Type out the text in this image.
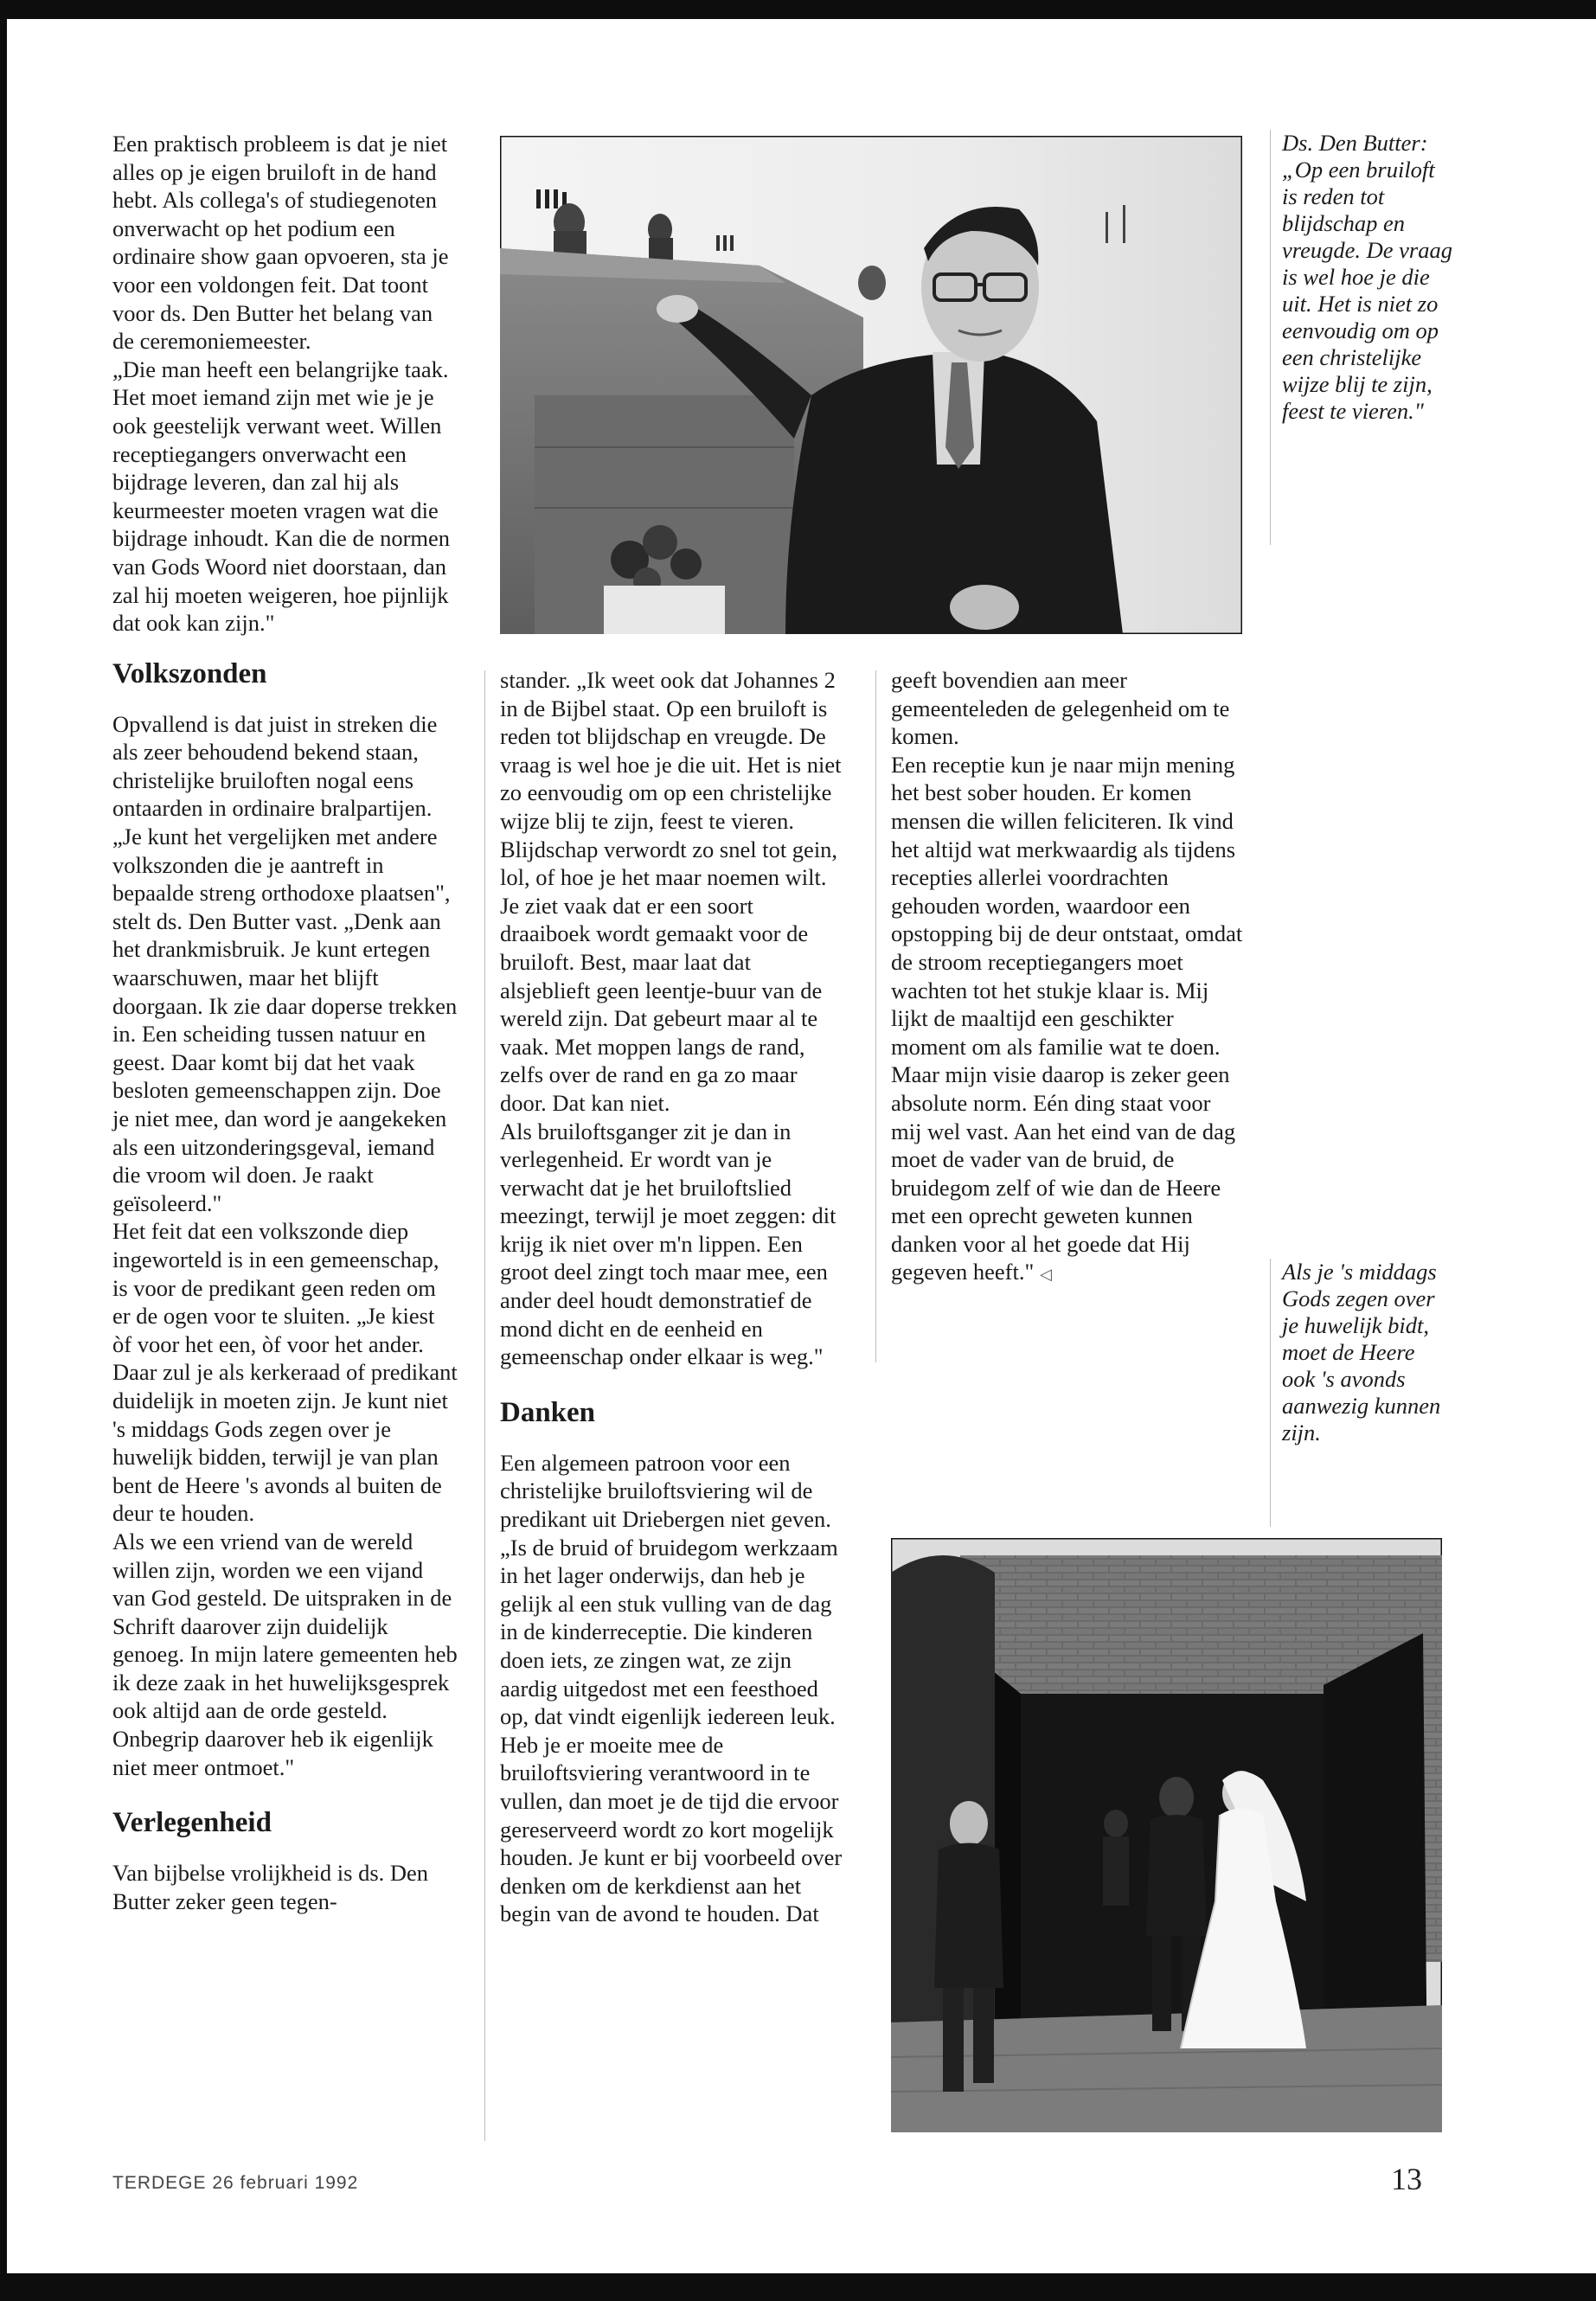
Een praktisch probleem is dat je niet alles op je eigen bruiloft in de hand hebt. Als collega's of studiegenoten onverwacht op het podium een ordinaire show gaan opvoeren, sta je voor een voldongen feit. Dat toont voor ds. Den Butter het belang van de ceremoniemeester.

„Die man heeft een belangrijke taak. Het moet iemand zijn met wie je je ook geestelijk verwant weet. Willen receptiegangers onverwacht een bijdrage leveren, dan zal hij als keurmeester moeten vragen wat die bijdrage inhoudt. Kan die de normen van Gods Woord niet doorstaan, dan zal hij moeten weigeren, hoe pijnlijk dat ook kan zijn."

Volkszonden

Opvallend is dat juist in streken die als zeer behoudend bekend staan, christelijke bruiloften nogal eens ontaarden in ordinaire bralpartijen. „Je kunt het vergelijken met andere volkszonden die je aantreft in bepaalde streng orthodoxe plaatsen", stelt ds. Den Butter vast. „Denk aan het drankmisbruik. Je kunt ertegen waarschuwen, maar het blijft doorgaan. Ik zie daar doperse trekken in. Een scheiding tussen natuur en geest. Daar komt bij dat het vaak besloten gemeenschappen zijn. Doe je niet mee, dan word je aangekeken als een uitzonderingsgeval, iemand die vroom wil doen. Je raakt geïsoleerd."

Het feit dat een volkszonde diep ingeworteld is in een gemeenschap, is voor de predikant geen reden om er de ogen voor te sluiten. „Je kiest òf voor het een, òf voor het ander. Daar zul je als kerkeraad of predikant duidelijk in moeten zijn. Je kunt niet 's middags Gods zegen over je huwelijk bidden, terwijl je van plan bent de Heere 's avonds al buiten de deur te houden.

Als we een vriend van de wereld willen zijn, worden we een vijand van God gesteld. De uitspraken in de Schrift daarover zijn duidelijk genoeg. In mijn latere gemeenten heb ik deze zaak in het huwelijksgesprek ook altijd aan de orde gesteld. Onbegrip daarover heb ik eigenlijk niet meer ontmoet."

Verlegenheid

Van bijbelse vrolijkheid is ds. Den Butter zeker geen tegen-

stander. „Ik weet ook dat Johannes 2 in de Bijbel staat. Op een bruiloft is reden tot blijdschap en vreugde. De vraag is wel hoe je die uit. Het is niet zo eenvoudig om op een christelijke wijze blij te zijn, feest te vieren. Blijdschap verwordt zo snel tot gein, lol, of hoe je het maar noemen wilt.

Je ziet vaak dat er een soort draaiboek wordt gemaakt voor de bruiloft. Best, maar laat dat alsjeblieft geen leentje-buur van de wereld zijn. Dat gebeurt maar al te vaak. Met moppen langs de rand, zelfs over de rand en ga zo maar door. Dat kan niet.

Als bruiloftsganger zit je dan in verlegenheid. Er wordt van je verwacht dat je het bruiloftslied meezingt, terwijl je moet zeggen: dit krijg ik niet over m'n lippen. Een groot deel zingt toch maar mee, een ander deel houdt demonstratief de mond dicht en de eenheid en gemeenschap onder elkaar is weg."

Danken

Een algemeen patroon voor een christelijke bruiloftsviering wil de predikant uit Driebergen niet geven. „Is de bruid of bruidegom werkzaam in het lager onderwijs, dan heb je gelijk al een stuk vulling van de dag in de kinderreceptie. Die kinderen doen iets, ze zingen wat, ze zijn aardig uitgedost met een feesthoed op, dat vindt eigenlijk iedereen leuk.

Heb je er moeite mee de bruiloftsviering verantwoord in te vullen, dan moet je de tijd die ervoor gereserveerd wordt zo kort mogelijk houden. Je kunt er bij voorbeeld over denken om de kerkdienst aan het begin van de avond te houden. Dat

geeft bovendien aan meer gemeenteleden de gelegenheid om te komen.

Een receptie kun je naar mijn mening het best sober houden. Er komen mensen die willen feliciteren. Ik vind het altijd wat merkwaardig als tijdens recepties allerlei voordrachten gehouden worden, waardoor een opstopping bij de deur ontstaat, omdat de stroom receptiegangers moet wachten tot het stukje klaar is. Mij lijkt de maaltijd een geschikter moment om als familie wat te doen. Maar mijn visie daarop is zeker geen absolute norm. Eén ding staat voor mij wel vast. Aan het eind van de dag moet de vader van de bruid, de bruidegom zelf of wie dan de Heere met een oprecht geweten kunnen danken voor al het goede dat Hij gegeven heeft." ◁

Ds. Den Butter: „Op een bruiloft is reden tot blijdschap en vreugde. De vraag is wel hoe je die uit. Het is niet zo eenvoudig om op een christelijke wijze blij te zijn, feest te vieren."
Als je 's middags Gods zegen over je huwelijk bidt, moet de Heere ook 's avonds aanwezig kunnen zijn.
TERDEGE 26 februari 1992	13
